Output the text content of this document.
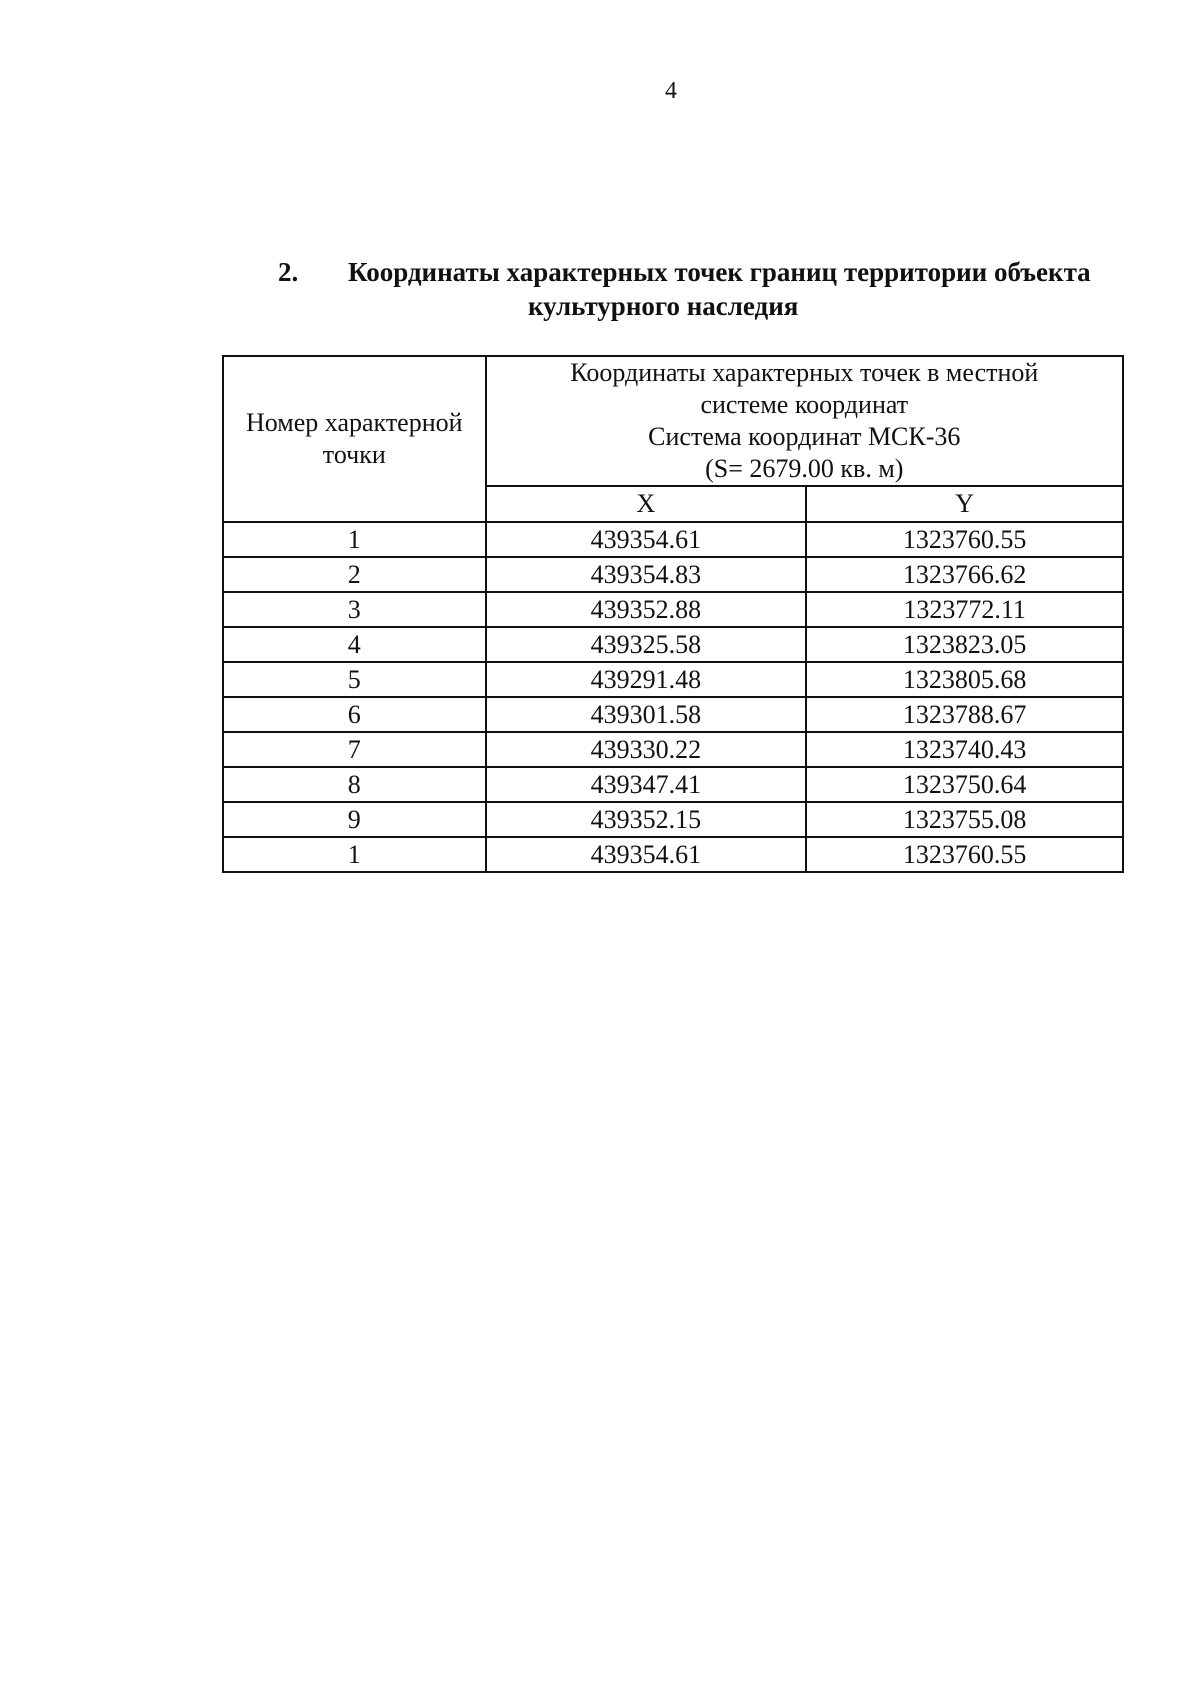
4
2.	Координаты характерных точек границ территории объекта
культурного наследия
Номер характерной точки	Координаты характерных точек в местной
системе координат
Система координат МСК-36
(S= 2679.00 кв. м)	

	X	Y
1	439354.61	1323760.55
2	439354.83	1323766.62
3	439352.88	1323772.11
4	439325.58	1323823.05
5	439291.48	1323805.68
6	439301.58	1323788.67
7	439330.22	1323740.43
8	439347.41	1323750.64
9	439352.15	1323755.08
1	439354.61	1323760.55
